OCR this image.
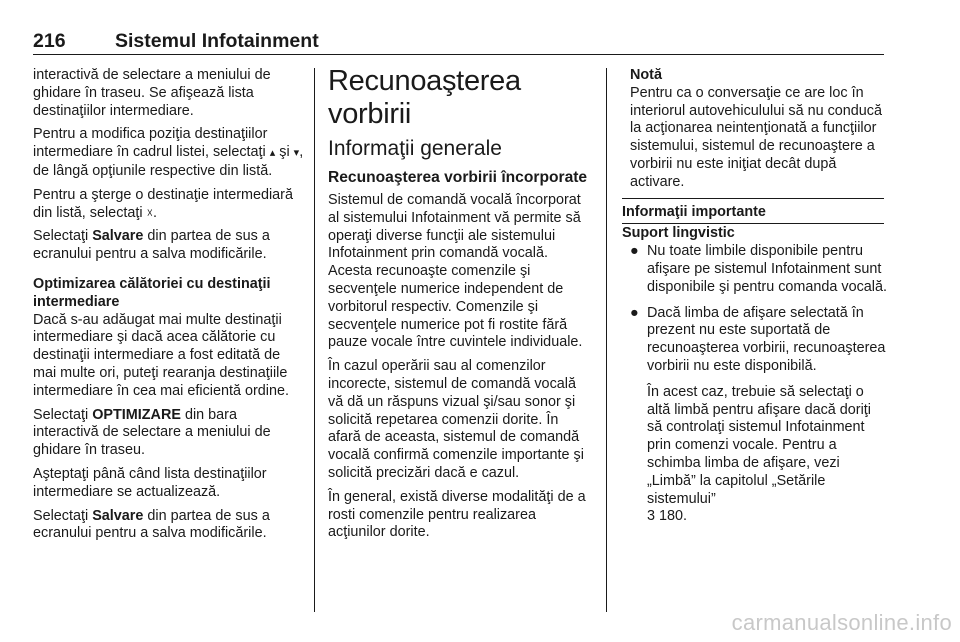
216	Sistemul Infotainment

interactivă de selectare a meniului de ghidare în traseu. Se afişează lista destinaţiilor intermediare.

Pentru a modifica poziţia destinaţiilor intermediare în cadrul listei, selectaţi ▴ şi ▾, de lângă opţiunile respective din listă.

Pentru a şterge o destinaţie intermediară din listă, selectaţi ☓.

Selectaţi Salvare din partea de sus a ecranului pentru a salva modificările.

Optimizarea călătoriei cu destinaţii intermediare

Dacă s-au adăugat mai multe destinaţii intermediare şi dacă acea călătorie cu destinaţii intermediare a fost editată de mai multe ori, puteţi rearanja destinaţiile intermediare în cea mai eficientă ordine.

Selectaţi OPTIMIZARE din bara interactivă de selectare a meniului de ghidare în traseu.

Aşteptaţi până când lista destinaţiilor intermediare se actualizează.

Selectaţi Salvare din partea de sus a ecranului pentru a salva modificările.

Recunoaşterea vorbirii
Informaţii generale
Recunoaşterea vorbirii încorporate

Sistemul de comandă vocală încorporat al sistemului Infotainment vă permite să operaţi diverse funcţii ale sistemului Infotainment prin comandă vocală. Acesta recunoaşte comenzile şi secvenţele numerice independent de vorbitorul respectiv. Comenzile şi secvenţele numerice pot fi rostite fără pauze vocale între cuvintele individuale.

În cazul operării sau al comenzilor incorecte, sistemul de comandă vocală vă dă un răspuns vizual şi/sau sonor şi solicită repetarea comenzii dorite. În afară de aceasta, sistemul de comandă vocală confirmă comenzile importante şi solicită precizări dacă e cazul.

În general, există diverse modalităţi de a rosti comenzile pentru realizarea acţiunilor dorite.

Notă

Pentru ca o conversaţie ce are loc în interiorul autovehiculului să nu conducă la acţionarea neintenţionată a funcţiilor sistemului, sistemul de recunoaştere a vorbirii nu este iniţiat decât după activare.

Informaţii importante

Suport lingvistic

● Nu toate limbile disponibile pentru afişare pe sistemul Infotainment sunt disponibile şi pentru comanda vocală.
● Dacă limba de afişare selectată în prezent nu este suportată de recunoaşterea vorbirii, recunoaşterea vorbirii nu este disponibilă.

În acest caz, trebuie să selectaţi o altă limbă pentru afişare dacă doriţi să controlaţi sistemul Infotainment prin comenzi vocale. Pentru a schimba limba de afişare, vezi „Limbă” la capitolul „Setările sistemului”
3 180.

carmanualsonline.info
